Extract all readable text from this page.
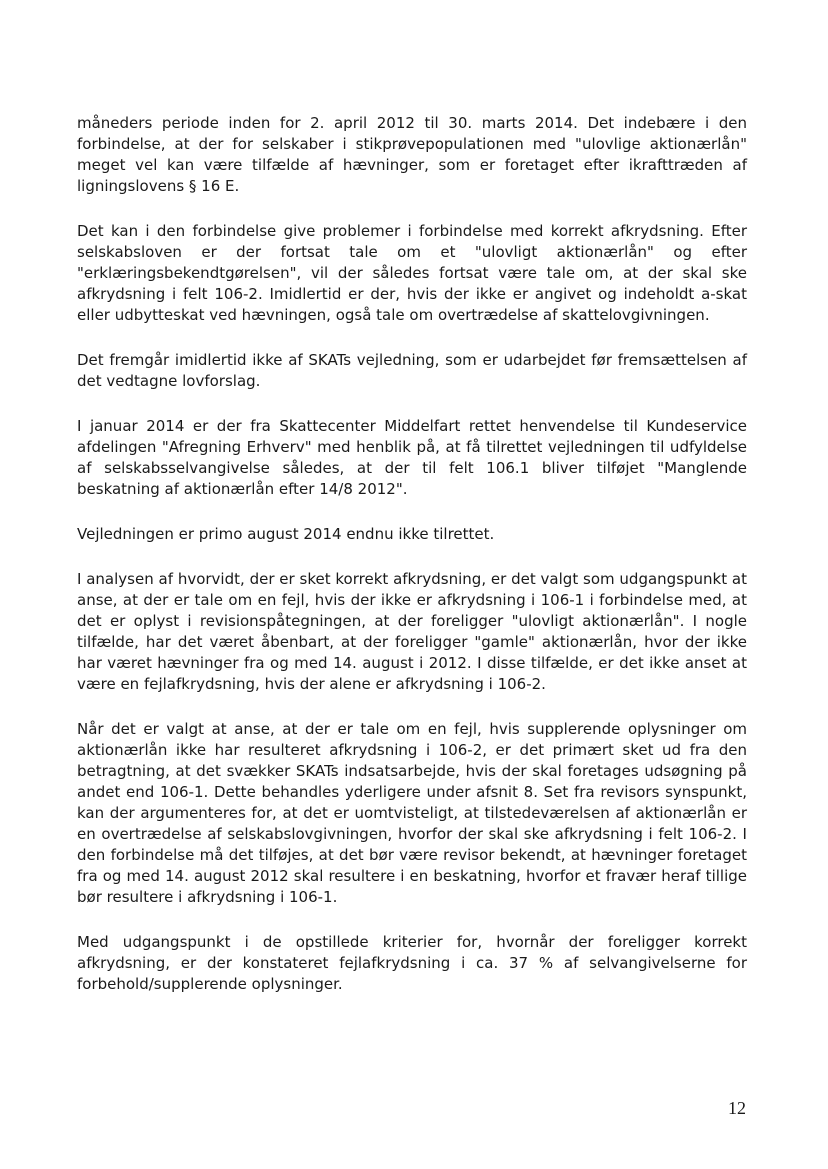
måneders periode inden for 2. april 2012 til 30. marts 2014. Det indebære i den forbindelse, at der for selskaber i stikprøvepopulationen med "ulovlige aktionærlån" meget vel kan være tilfælde af hævninger, som er foretaget efter ikrafttræden af ligningslovens § 16 E.

Det kan i den forbindelse give problemer i forbindelse med korrekt afkrydsning. Efter selskabsloven er der fortsat tale om et "ulovligt aktionærlån" og efter "erklæringsbekendtgørelsen", vil der således fortsat være tale om, at der skal ske afkrydsning i felt 106-2. Imidlertid er der, hvis der ikke er angivet og indeholdt a-skat eller udbytteskat ved hævningen, også tale om overtrædelse af skattelovgivningen.

Det fremgår imidlertid ikke af SKATs vejledning, som er udarbejdet før fremsættelsen af det vedtagne lovforslag.

I januar 2014 er der fra Skattecenter Middelfart rettet henvendelse til Kundeservice afdelingen "Afregning Erhverv" med henblik på, at få tilrettet vejledningen til udfyldelse af selskabsselvangivelse således, at der til felt 106.1 bliver tilføjet "Manglende beskatning af aktionærlån efter 14/8 2012".

Vejledningen er primo august 2014 endnu ikke tilrettet.

I analysen af hvorvidt, der er sket korrekt afkrydsning, er det valgt som udgangspunkt at anse, at der er tale om en fejl, hvis der ikke er afkrydsning i 106-1 i forbindelse med, at det er oplyst i revisionspåtegningen, at der foreligger "ulovligt aktionærlån". I nogle tilfælde, har det været åbenbart, at der foreligger "gamle" aktionærlån, hvor der ikke har været hævninger fra og med 14. august i 2012. I disse tilfælde, er det ikke anset at være en fejlafkrydsning, hvis der alene er afkrydsning i 106-2.

Når det er valgt at anse, at der er tale om en fejl, hvis supplerende oplysninger om aktionærlån ikke har resulteret afkrydsning i 106-2, er det primært sket ud fra den betragtning, at det svækker SKATs indsatsarbejde, hvis der skal foretages udsøgning på andet end 106-1. Dette behandles yderligere under afsnit 8. Set fra revisors synspunkt, kan der argumenteres for, at det er uomtvisteligt, at tilstedeværelsen af aktionærlån er en overtrædelse af selskabslovgivningen, hvorfor der skal ske afkrydsning i felt 106-2. I den forbindelse må det tilføjes, at det bør være revisor bekendt, at hævninger foretaget fra og med 14. august 2012 skal resultere i en beskatning, hvorfor et fravær heraf tillige bør resultere i afkrydsning i 106-1.

Med udgangspunkt i de opstillede kriterier for, hvornår der foreligger korrekt afkrydsning, er der konstateret fejlafkrydsning i ca. 37 % af selvangivelserne for forbehold/supplerende oplysninger.

12
